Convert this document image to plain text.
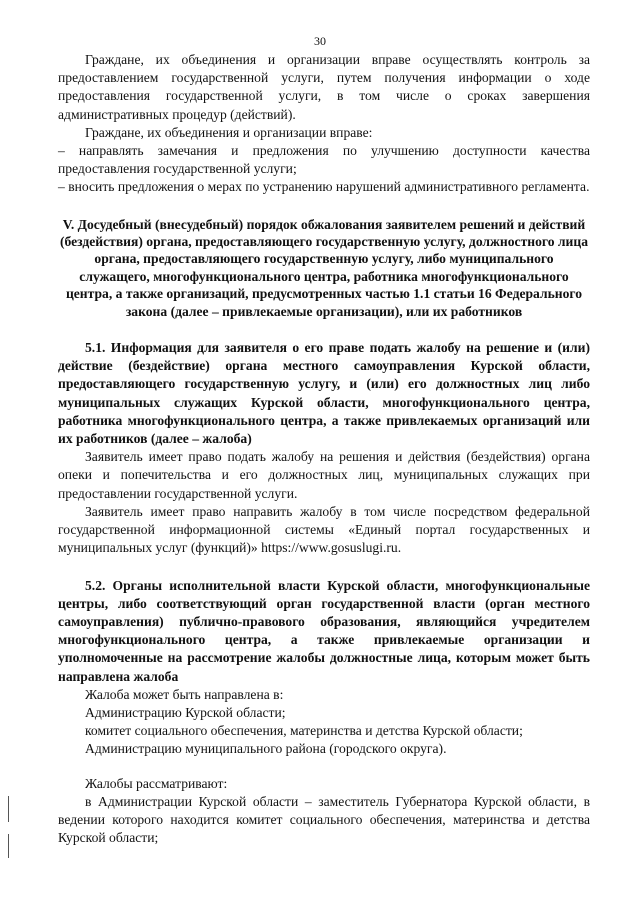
30

Граждане, их объединения и организации вправе осуществлять контроль за предоставлением государственной услуги, путем получения информации о ходе предоставления государственной услуги, в том числе о сроках завершения административных процедур (действий).

Граждане, их объединения и организации вправе:

– направлять замечания и предложения по улучшению доступности качества предоставления государственной услуги;

– вносить предложения о мерах по устранению нарушений административного регламента.

V. Досудебный (внесудебный) порядок обжалования заявителем решений и действий (бездействия) органа, предоставляющего государственную услугу, должностного лица органа, предоставляющего государственную услугу, либо муниципального служащего, многофункционального центра, работника многофункционального центра, а также организаций, предусмотренных частью 1.1 статьи 16 Федерального закона (далее – привлекаемые организации), или их работников

5.1. Информация для заявителя о его праве подать жалобу на решение и (или) действие (бездействие) органа местного самоуправления Курской области, предоставляющего государственную услугу, и (или) его должностных лиц либо муниципальных служащих Курской области, многофункционального центра, работника многофункционального центра, а также привлекаемых организаций или их работников (далее – жалоба)

Заявитель имеет право подать жалобу на решения и действия (бездействия) органа опеки и попечительства и его должностных лиц, муниципальных служащих при предоставлении государственной услуги.

Заявитель имеет право направить жалобу в том числе посредством федеральной государственной информационной системы «Единый портал государственных и муниципальных услуг (функций)» https://www.gosuslugi.ru.

5.2. Органы исполнительной власти Курской области, многофункциональные центры, либо соответствующий орган государственной власти (орган местного самоуправления) публично-правового образования, являющийся учредителем многофункционального центра, а также привлекаемые организации и уполномоченные на рассмотрение жалобы должностные лица, которым может быть направлена жалоба

Жалоба может быть направлена в:

Администрацию Курской области;

комитет социального обеспечения, материнства и детства Курской области;

Администрацию муниципального района (городского округа).

Жалобы рассматривают:

в Администрации Курской области – заместитель Губернатора Курской области, в ведении которого находится комитет социального обеспечения, материнства и детства Курской области;
